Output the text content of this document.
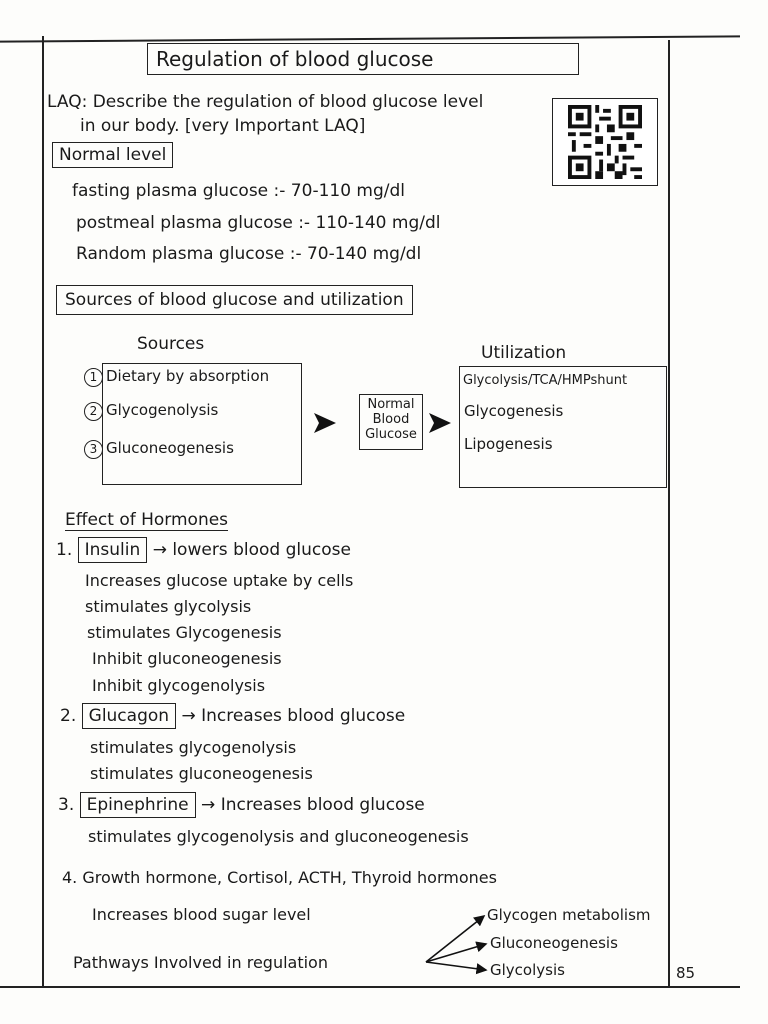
Regulation of blood glucose
LAQ: Describe the regulation of blood glucose level
in our body. [very Important LAQ]
Normal level
fasting plasma glucose :- 70-110 mg/dl
postmeal plasma glucose :- 110-140 mg/dl
Random plasma glucose :- 70-140 mg/dl
Sources of blood glucose and utilization
Sources	Utilization
1 Dietary by absorption
2 Glycogenolysis
3 Gluconeogenesis
Normal
Blood
Glucose
Glycolysis/TCA/HMPshunt
Glycogenesis
Lipogenesis
Effect of Hormones
1. Insulin → lowers blood glucose
Increases glucose uptake by cells
stimulates glycolysis
stimulates Glycogenesis
Inhibit gluconeogenesis
Inhibit glycogenolysis
2. Glucagon → Increases blood glucose
stimulates glycogenolysis
stimulates gluconeogenesis
3. Epinephrine → Increases blood glucose
stimulates glycogenolysis and gluconeogenesis
4. Growth hormone, Cortisol, ACTH, Thyroid hormones
Increases blood sugar level
Pathways Involved in regulation
Glycogen metabolism
Gluconeogenesis
Glycolysis	85
